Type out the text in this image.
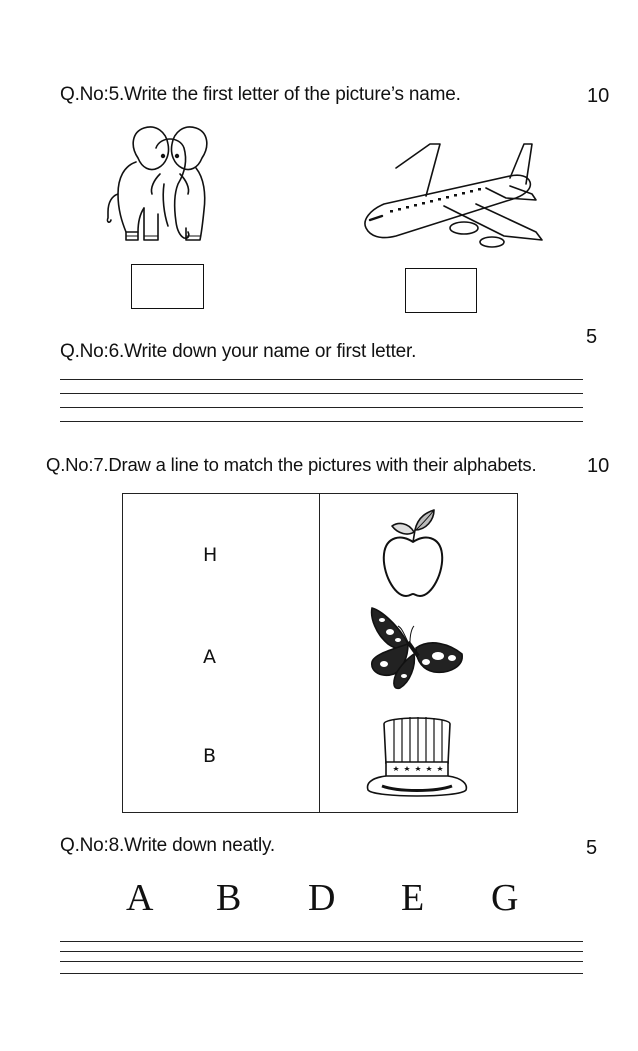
Q.No:5.Write the first letter of the picture’s name.	10
5
Q.No:6.Write down your name or first letter.
Q.No:7.Draw a line to match the pictures with their alphabets.	10
H
A
B
Q.No:8.Write down neatly.	5
A B D E G
